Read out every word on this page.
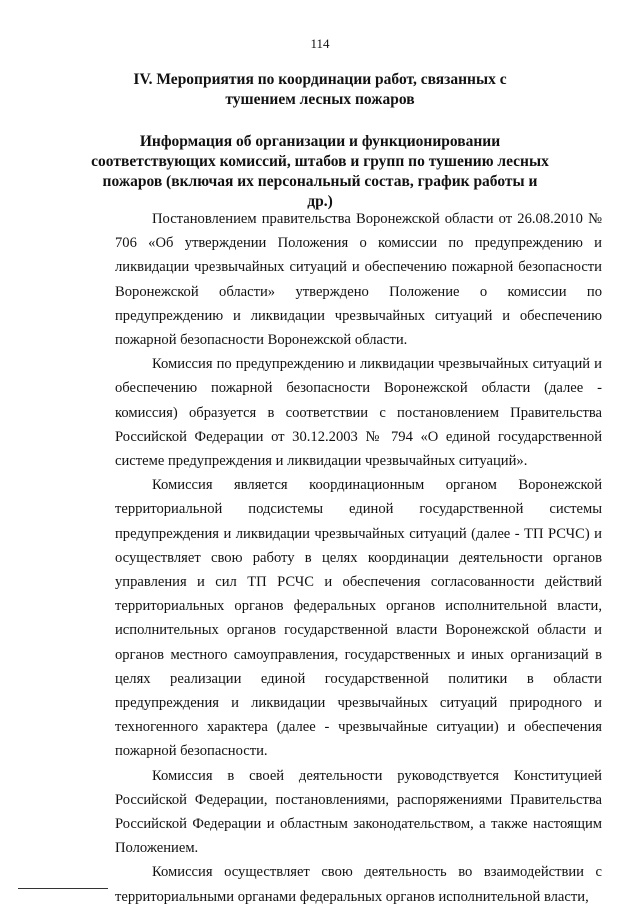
114
IV. Мероприятия по координации работ, связанных с тушением лесных пожаров
Информация об организации и функционировании соответствующих комиссий, штабов и групп по тушению лесных пожаров (включая их персональный состав, график работы и др.)

Постановлением правительства Воронежской области от 26.08.2010 № 706 «Об утверждении Положения о комиссии по предупреждению и ликвидации чрезвычайных ситуаций и обеспечению пожарной безопасности Воронежской области» утверждено Положение о комиссии по предупреждению и ликвидации чрезвычайных ситуаций и обеспечению пожарной безопасности Воронежской области.

Комиссия по предупреждению и ликвидации чрезвычайных ситуаций и обеспечению пожарной безопасности Воронежской области (далее - комиссия) образуется в соответствии с постановлением Правительства Российской Федерации от 30.12.2003 № 794 «О единой государственной системе предупреждения и ликвидации чрезвычайных ситуаций».

Комиссия является координационным органом Воронежской территориальной подсистемы единой государственной системы предупреждения и ликвидации чрезвычайных ситуаций (далее - ТП РСЧС) и осуществляет свою работу в целях координации деятельности органов управления и сил ТП РСЧС и обеспечения согласованности действий территориальных органов федеральных органов исполнительной власти, исполнительных органов государственной власти Воронежской области и органов местного самоуправления, государственных и иных организаций в целях реализации единой государственной политики в области предупреждения и ликвидации чрезвычайных ситуаций природного и техногенного характера (далее - чрезвычайные ситуации) и обеспечения пожарной безопасности.

Комиссия в своей деятельности руководствуется Конституцией Российской Федерации, постановлениями, распоряжениями Правительства Российской Федерации и областным законодательством, а также настоящим Положением.

Комиссия осуществляет свою деятельность во взаимодействии с территориальными органами федеральных органов исполнительной власти,
